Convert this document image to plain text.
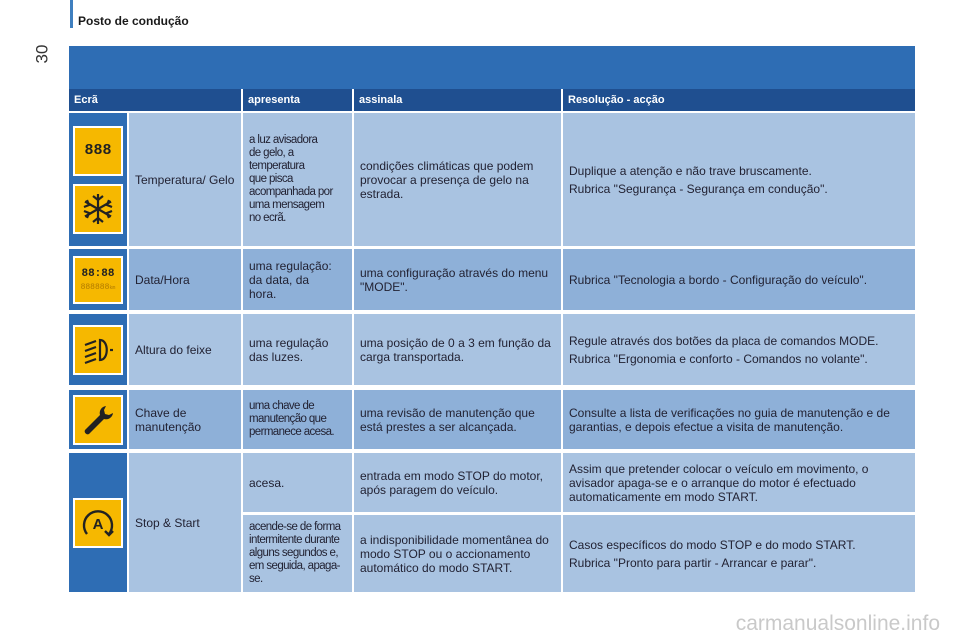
30
Posto de condução
Ecrã	apresenta	assinala	Resolução - acção
888

Temperatura/ Gelo

a luz avisadora
de gelo, a
temperatura
que pisca
acompanhada por
uma mensagem
no ecrã.

condições climáticas que podem provocar a presença de gelo na estrada.

Duplique a atenção e não trave bruscamente.

Rubrica "Segurança - Segurança em condução".

88:88
888888km

Data/Hora

uma regulação:
da data, da
hora.

uma configuração através do menu "MODE".	Rubrica "Tecnologia a bordo - Configuração do veículo".

Altura do feixe	uma regulação
das luzes.

uma posição de 0 a 3 em função da carga transportada.

Regule através dos botões da placa de comandos MODE.

Rubrica "Ergonomia e conforto - Comandos no volante".

Chave de manutenção

uma chave de
manutenção que
permanece acesa.

uma revisão de manutenção que está prestes a ser alcançada.

Consulte a lista de verificações no guia de manutenção e de garantias, e depois efectue a visita de manutenção.

A	Stop & Start

acesa.	entrada em modo STOP do motor, após paragem do veículo.

Assim que pretender colocar o veículo em movimento, o avisador apaga-se e o arranque do motor é efectuado automaticamente em modo START.

acende-se de forma
intermitente durante
alguns segundos e,
em seguida, apaga-se.

a indisponibilidade momentânea do modo STOP ou o accionamento automático do modo START.

Casos específicos do modo STOP e do modo START.

Rubrica "Pronto para partir - Arrancar e parar".

carmanualsonline.info
